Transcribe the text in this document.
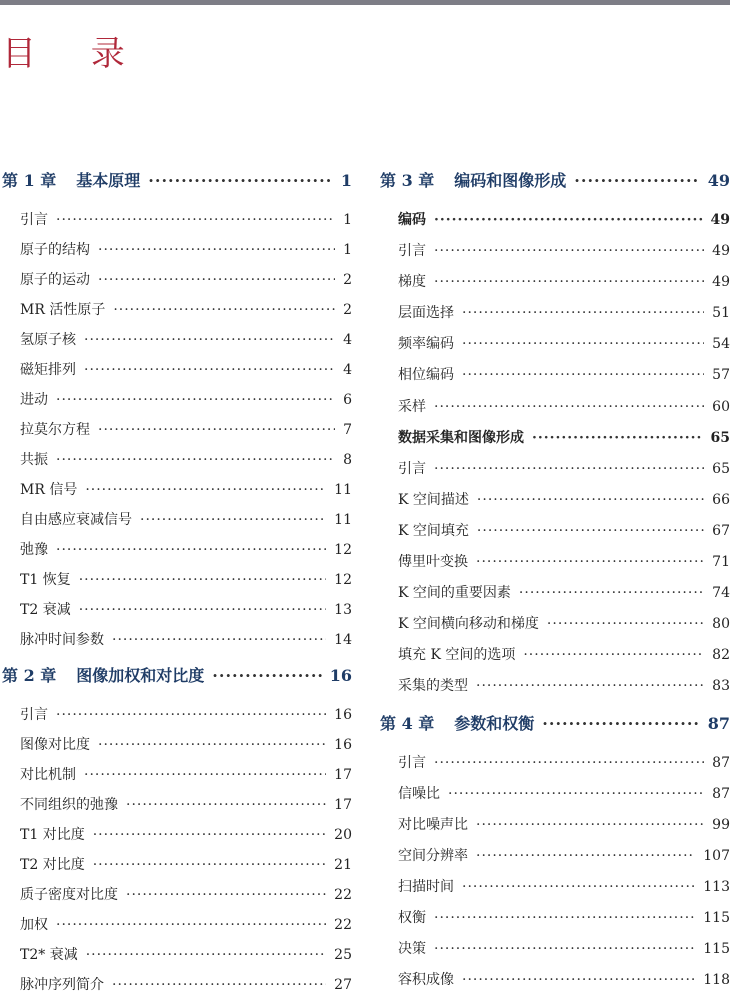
目 录
第 1 章 基本原理 ·····	1
引言 ·····	1
原子的结构 ·····	1
原子的运动 ·····	2
MR 活性原子 ·····	2
氢原子核 ·····	4
磁矩排列 ·····	4
进动 ·····	6
拉莫尔方程 ·····	7
共振 ·····	8
MR 信号 ·····	11
自由感应衰减信号 ·····	11
弛豫 ·····	12
T1 恢复 ·····	12
T2 衰减 ·····	13
脉冲时间参数 ·····	14
第 2 章 图像加权和对比度 ·····	16
引言 ·····	16
图像对比度 ·····	16
对比机制 ·····	17
不同组织的弛豫 ·····	17
T1 对比度 ·····	20
T2 对比度 ·····	21
质子密度对比度 ·····	22
加权 ·····	22
T2* 衰减 ·····	25
脉冲序列简介 ·····	27
第 3 章 编码和图像形成 ·····	49
编码 ·····	49
引言 ·····	49
梯度 ·····	49
层面选择 ·····	51
频率编码 ·····	54
相位编码 ·····	57
采样 ·····	60
数据采集和图像形成 ·····	65
引言 ·····	65
K 空间描述 ·····	66
K 空间填充 ·····	67
傅里叶变换 ·····	71
K 空间的重要因素 ·····	74
K 空间横向移动和梯度 ·····	80
填充 K 空间的选项 ·····	82
采集的类型 ·····	83
第 4 章 参数和权衡 ·····	87
引言 ·····	87
信噪比 ·····	87
对比噪声比 ·····	99
空间分辨率 ·····	107
扫描时间 ·····	113
权衡 ·····	115
决策 ·····	115
容积成像 ·····	118
